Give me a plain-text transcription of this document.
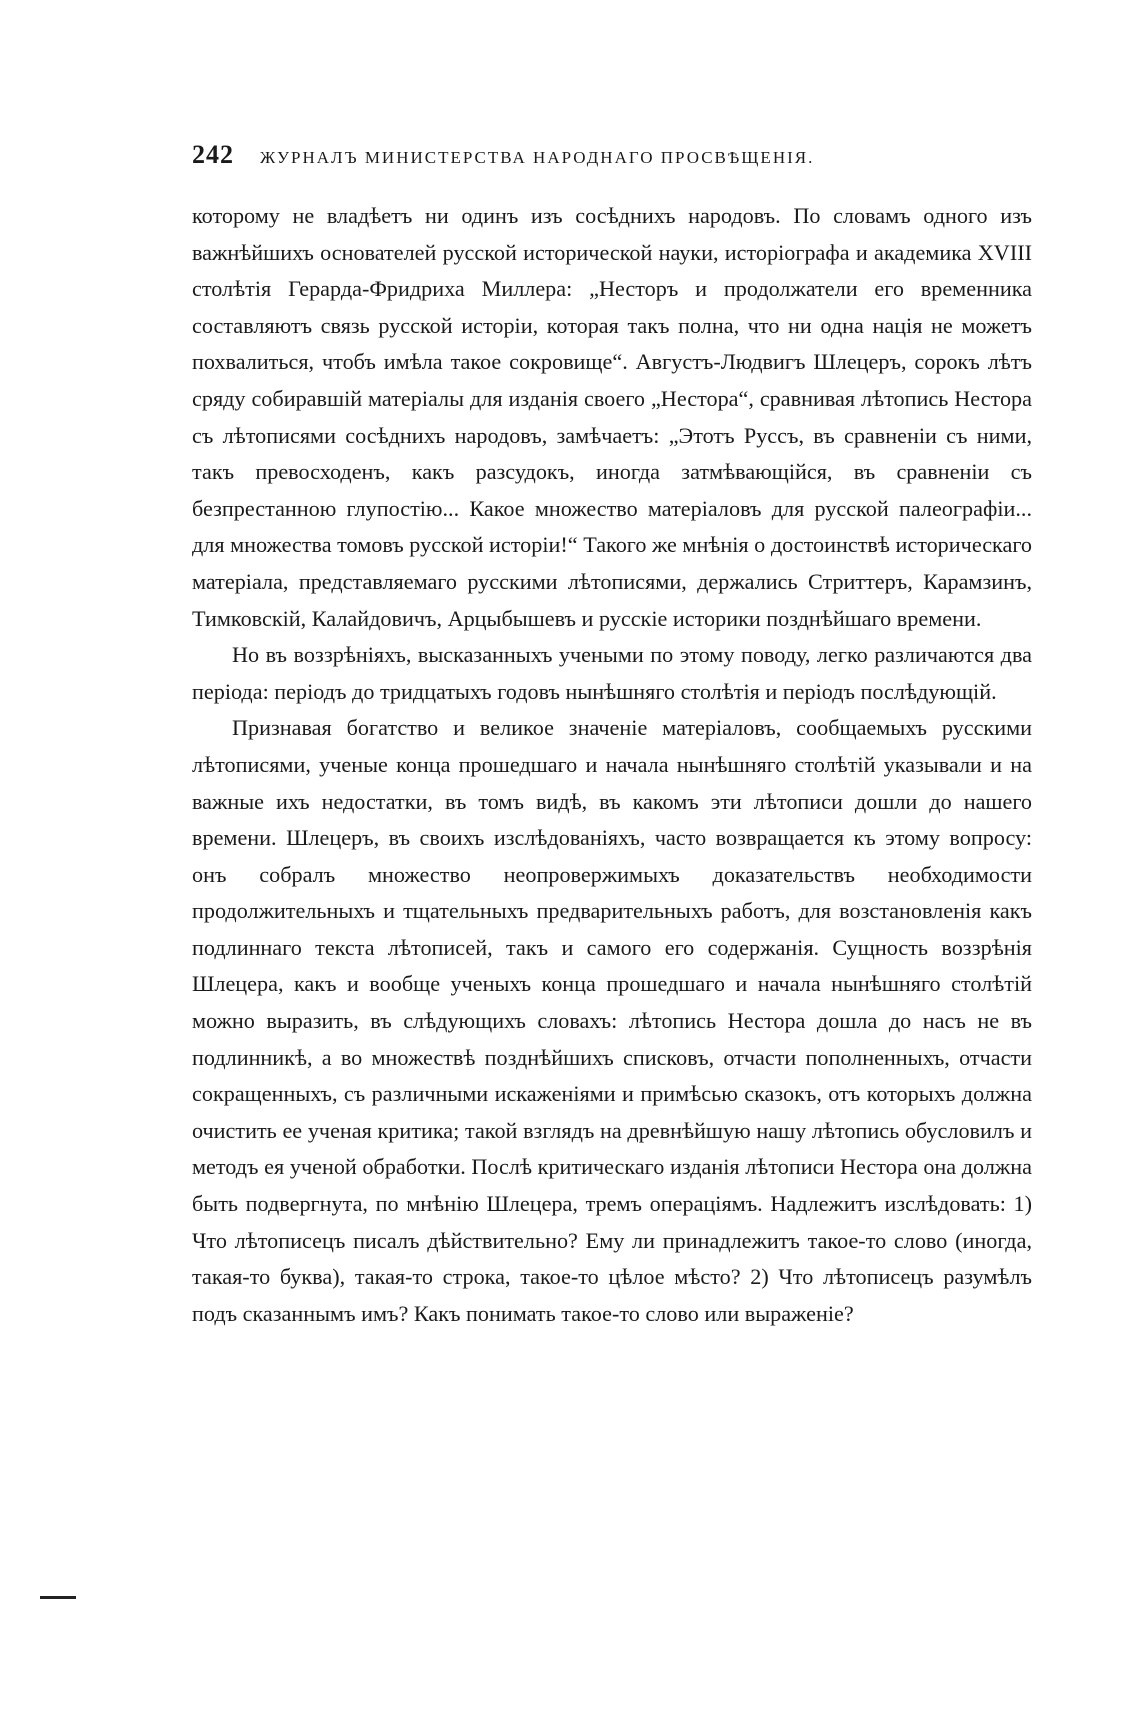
242 ЖУРНАЛЪ МИНИСТЕРСТВА НАРОДНАГО ПРОСВѢЩЕНІЯ.

которому не владѣетъ ни одинъ изъ сосѣднихъ народовъ. По словамъ одного изъ важнѣйшихъ основателей русской исторической науки, исторіографа и академика XVIII столѣтія Герарда-Фридриха Миллера: „Несторъ и продолжатели его временника составляютъ связь русской исторіи, которая такъ полна, что ни одна нація не можетъ похвалиться, чтобъ имѣла такое сокровище“. Августъ-Людвигъ Шлецеръ, сорокъ лѣтъ сряду собиравшій матеріалы для изданія своего „Нестора“, сравнивая лѣтопись Нестора съ лѣтописями сосѣднихъ народовъ, замѣчаетъ: „Этотъ Руссъ, въ сравненіи съ ними, такъ превосходенъ, какъ разсудокъ, иногда затмѣвающійся, въ сравненіи съ безпрестанною глупостію... Какое множество матеріаловъ для русской палеографіи... для множества томовъ русской исторіи!“ Такого же мнѣнія о достоинствѣ историческаго матеріала, представляемаго русскими лѣтописями, держались Стриттеръ, Карамзинъ, Тимковскій, Калайдовичъ, Арцыбышевъ и русскіе историки позднѣйшаго времени.

Но въ воззрѣніяхъ, высказанныхъ учеными по этому поводу, легко различаются два періода: періодъ до тридцатыхъ годовъ нынѣшняго столѣтія и періодъ послѣдующій.

Признавая богатство и великое значеніе матеріаловъ, сообщаемыхъ русскими лѣтописями, ученые конца прошедшаго и начала нынѣшняго столѣтій указывали и на важные ихъ недостатки, въ томъ видѣ, въ какомъ эти лѣтописи дошли до нашего времени. Шлецеръ, въ своихъ изслѣдованіяхъ, часто возвращается къ этому вопросу: онъ собралъ множество неопровержимыхъ доказательствъ необходимости продолжительныхъ и тщательныхъ предварительныхъ работъ, для возстановленія какъ подлиннаго текста лѣтописей, такъ и самого его содержанія. Сущность воззрѣнія Шлецера, какъ и вообще ученыхъ конца прошедшаго и начала нынѣшняго столѣтій можно выразить, въ слѣдующихъ словахъ: лѣтопись Нестора дошла до насъ не въ подлинникѣ, а во множествѣ позднѣйшихъ списковъ, отчасти пополненныхъ, отчасти сокращенныхъ, съ различными искаженіями и примѣсью сказокъ, отъ которыхъ должна очистить ее ученая критика; такой взглядъ на древнѣйшую нашу лѣтопись обусловилъ и методъ ея ученой обработки. Послѣ критическаго изданія лѣтописи Нестора она должна быть подвергнута, по мнѣнію Шлецера, тремъ операціямъ. Надлежитъ изслѣдовать: 1) Что лѣтописецъ писалъ дѣйствительно? Ему ли принадлежитъ такое-то слово (иногда, такая-то буква), такая-то строка, такое-то цѣлое мѣсто? 2) Что лѣтописецъ разумѣлъ подъ сказаннымъ имъ? Какъ понимать такое-то слово или выраженіе?
